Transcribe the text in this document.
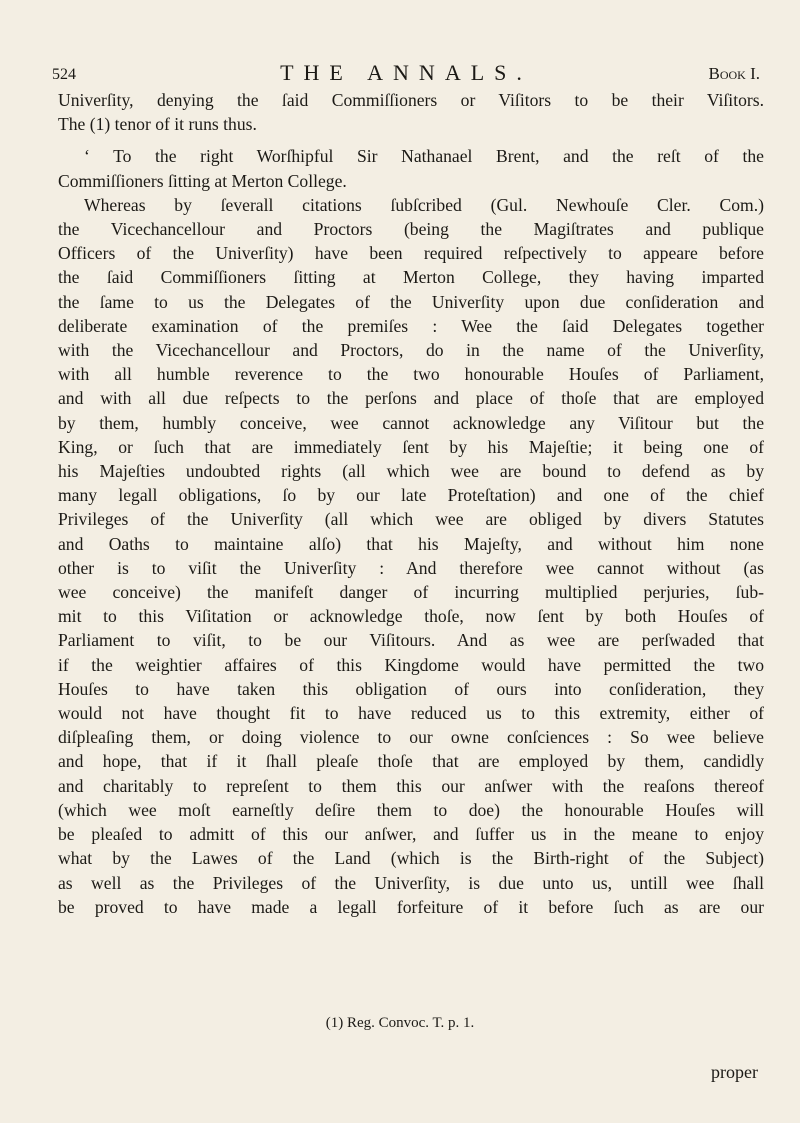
524	THE ANNALS.	Book I.
Univerſity, denying the ſaid Commiſſioners or Viſitors to be their Viſitors.
The (1) tenor of it runs thus.
‘ To the right Worſhipful Sir Nathanael Brent, and the reſt of the
Commiſſioners ſitting at Merton College.
Whereas by ſeverall citations ſubſcribed (Gul. Newhouſe Cler. Com.)
the Vicechancellour and Proctors (being the Magiſtrates and publique
Officers of the Univerſity) have been required reſpectively to appeare before
the ſaid Commiſſioners ſitting at Merton College, they having imparted
the ſame to us the Delegates of the Univerſity upon due conſideration and
deliberate examination of the premiſes : Wee the ſaid Delegates together
with the Vicechancellour and Proctors, do in the name of the Univerſity,
with all humble reverence to the two honourable Houſes of Parliament,
and with all due reſpects to the perſons and place of thoſe that are employed
by them, humbly conceive, wee cannot acknowledge any Viſitour but the
King, or ſuch that are immediately ſent by his Majeſtie; it being one of
his Majeſties undoubted rights (all which wee are bound to defend as by
many legall obligations, ſo by our late Proteſtation) and one of the chief
Privileges of the Univerſity (all which wee are obliged by divers Statutes
and Oaths to maintaine alſo) that his Majeſty, and without him none
other is to viſit the Univerſity : And therefore wee cannot without (as
wee conceive) the manifeſt danger of incurring multiplied perjuries, ſub-
mit to this Viſitation or acknowledge thoſe, now ſent by both Houſes of
Parliament to viſit, to be our Viſitours. And as wee are perſwaded that
if the weightier affaires of this Kingdome would have permitted the two
Houſes to have taken this obligation of ours into conſideration, they
would not have thought fit to have reduced us to this extremity, either of
diſpleaſing them, or doing violence to our owne conſciences : So wee believe
and hope, that if it ſhall pleaſe thoſe that are employed by them, candidly
and charitably to repreſent to them this our anſwer with the reaſons thereof
(which wee moſt earneſtly deſire them to doe) the honourable Houſes will
be pleaſed to admitt of this our anſwer, and ſuffer us in the meane to enjoy
what by the Lawes of the Land (which is the Birth-right of the Subject)
as well as the Privileges of the Univerſity, is due unto us, untill wee ſhall
be proved to have made a legall forfeiture of it before ſuch as are our
(1) Reg. Convoc. T. p. 1.
proper
